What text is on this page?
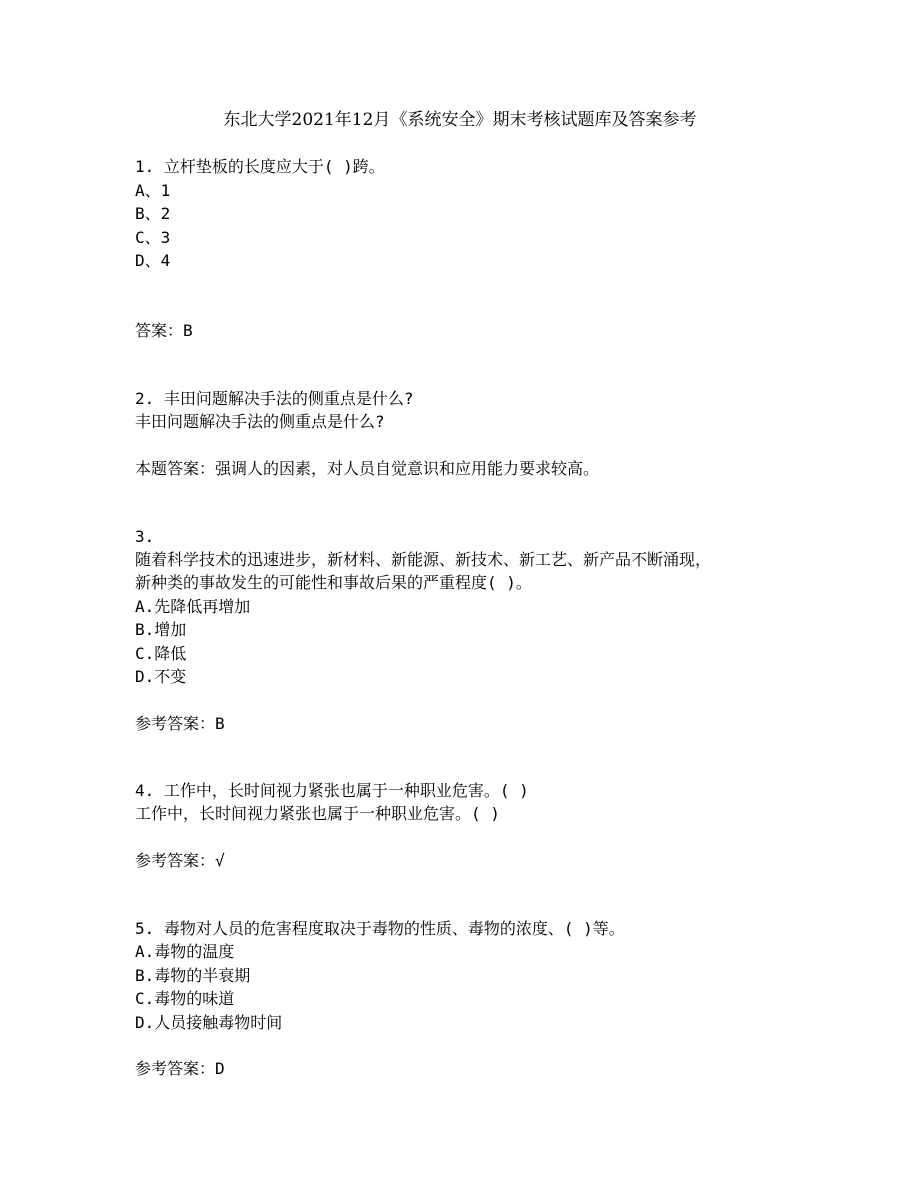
东北大学2021年12月《系统安全》期末考核试题库及答案参考
1. 立杆垫板的长度应大于( )跨。
A、1
B、2
C、3
D、4
答案：B
2. 丰田问题解决手法的侧重点是什么?
丰田问题解决手法的侧重点是什么?
本题答案：强调人的因素，对人员自觉意识和应用能力要求较高。
3.
随着科学技术的迅速进步，新材料、新能源、新技术、新工艺、新产品不断涌现，
新种类的事故发生的可能性和事故后果的严重程度( )。
A.先降低再增加
B.增加
C.降低
D.不变
参考答案：B
4. 工作中，长时间视力紧张也属于一种职业危害。( )
工作中，长时间视力紧张也属于一种职业危害。( )
参考答案：√
5. 毒物对人员的危害程度取决于毒物的性质、毒物的浓度、( )等。
A.毒物的温度
B.毒物的半衰期
C.毒物的味道
D.人员接触毒物时间
参考答案：D
